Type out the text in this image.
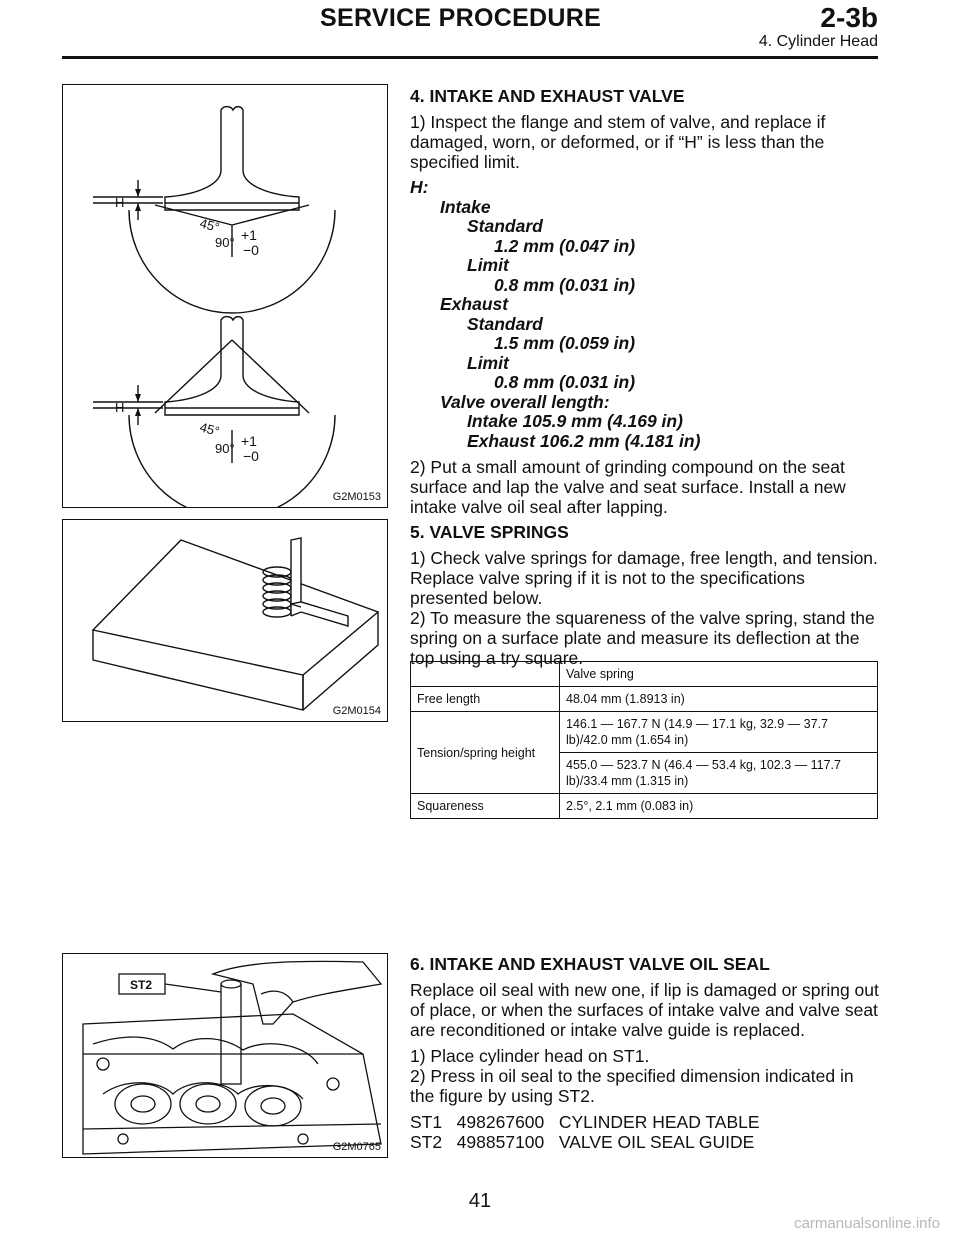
SERVICE PROCEDURE	2-3b
4. Cylinder Head
H
45°
90° +1
−0
H
45°
90° +1
−0
G2M0153
G2M0154
ST2
G2M0765

4. INTAKE AND EXHAUST VALVE

1) Inspect the flange and stem of valve, and replace if damaged, worn, or deformed, or if “H” is less than the specified limit.

H:
Intake
Standard
1.2 mm (0.047 in)
Limit
0.8 mm (0.031 in)
Exhaust
Standard
1.5 mm (0.059 in)
Limit
0.8 mm (0.031 in)
Valve overall length:
Intake 105.9 mm (4.169 in)
Exhaust 106.2 mm (4.181 in)

2) Put a small amount of grinding compound on the seat surface and lap the valve and seat surface. Install a new intake valve oil seal after lapping.

5. VALVE SPRINGS

1) Check valve springs for damage, free length, and tension. Replace valve spring if it is not to the specifications presented below.

2) To measure the squareness of the valve spring, stand the spring on a surface plate and measure its deflection at the top using a try square.

	Valve spring
Free length	48.04 mm (1.8913 in)
Tension/spring height	146.1 — 167.7 N (14.9 — 17.1 kg, 32.9 — 37.7 lb)/42.0 mm (1.654 in)
	455.0 — 523.7 N (46.4 — 53.4 kg, 102.3 — 117.7 lb)/33.4 mm (1.315 in)
Squareness	2.5°, 2.1 mm (0.083 in)

6. INTAKE AND EXHAUST VALVE OIL SEAL

Replace oil seal with new one, if lip is damaged or spring out of place, or when the surfaces of intake valve and valve seat are reconditioned or intake valve guide is replaced.

1) Place cylinder head on ST1.

2) Press in oil seal to the specified dimension indicated in the figure by using ST2.

ST1   498267600   CYLINDER HEAD TABLE
ST2   498857100   VALVE OIL SEAL GUIDE
41
carmanualsonline.info
